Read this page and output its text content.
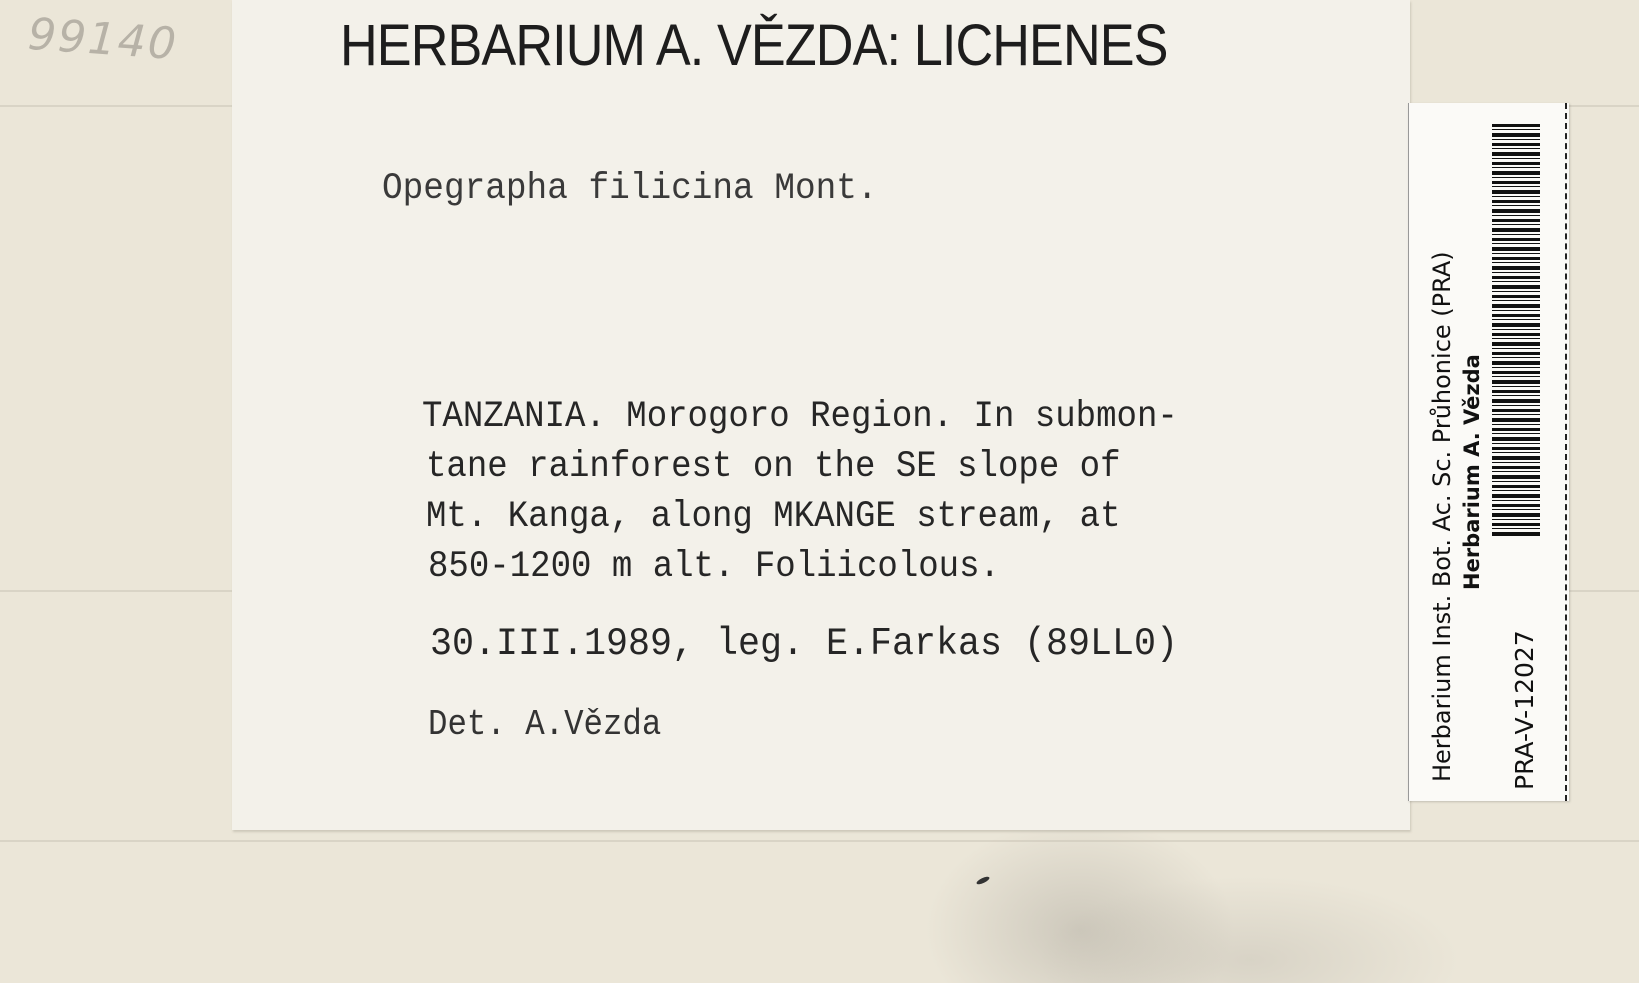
99140	HERBARIUM A. VĚZDA: LICHENES
Opegrapha filicina Mont.
TANZANIA. Morogoro Region. In submon-
tane rainforest on the SE slope of
Mt. Kanga, along MKANGE stream, at
850-1200 m alt. Foliicolous.
30.III.1989, leg. E.Farkas (89LL0)
Det. A.Vězda	Herbarium Inst. Bot. Ac. Sc. Průhonice (PRA) Herbarium A. Vězda
PRA-V-12027
